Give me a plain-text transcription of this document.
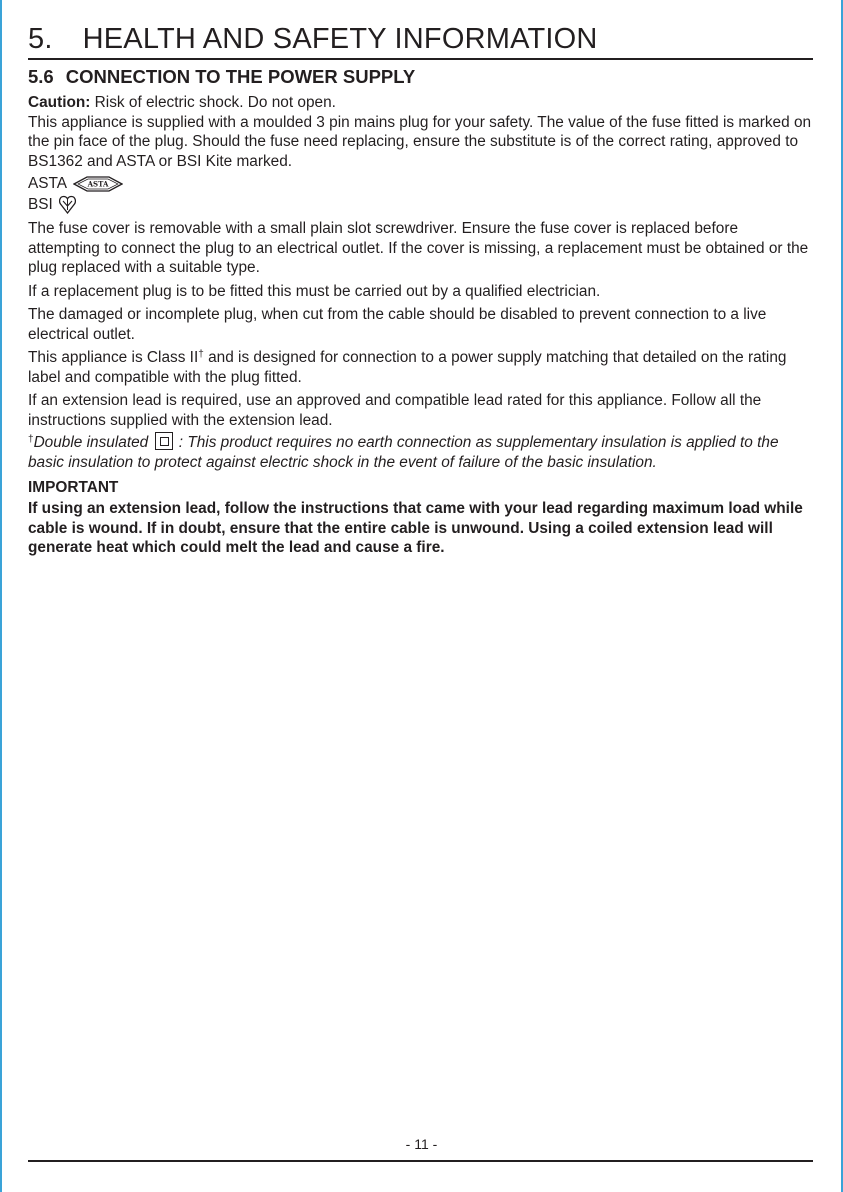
5. HEALTH AND SAFETY INFORMATION
5.6 CONNECTION TO THE POWER SUPPLY

Caution: Risk of electric shock. Do not open.

This appliance is supplied with a moulded 3 pin mains plug for your safety. The value of the fuse fitted is marked on the pin face of the plug. Should the fuse need replacing, ensure the substitute is of the correct rating, approved to BS1362 and ASTA or BSI Kite marked.

ASTA	ASTA
BSI

The fuse cover is removable with a small plain slot screwdriver. Ensure the fuse cover is replaced before attempting to connect the plug to an electrical outlet. If the cover is missing, a replacement must be obtained or the plug replaced with a suitable type.

If a replacement plug is to be fitted this must be carried out by a qualified electrician.

The damaged or incomplete plug, when cut from the cable should be disabled to prevent connection to a live electrical outlet.

This appliance is Class II† and is designed for connection to a power supply matching that detailed on the rating label and compatible with the plug fitted.

If an extension lead is required, use an approved and compatible lead rated for this appliance. Follow all the instructions supplied with the extension lead.

†Double insulated  : This product requires no earth connection as supplementary insulation is applied to the basic insulation to protect against electric shock in the event of failure of the basic insulation.

IMPORTANT

If using an extension lead, follow the instructions that came with your lead regarding maximum load while cable is wound. If in doubt, ensure that the entire cable is unwound. Using a coiled extension lead will generate heat which could melt the lead and cause a fire.

- 11 -
